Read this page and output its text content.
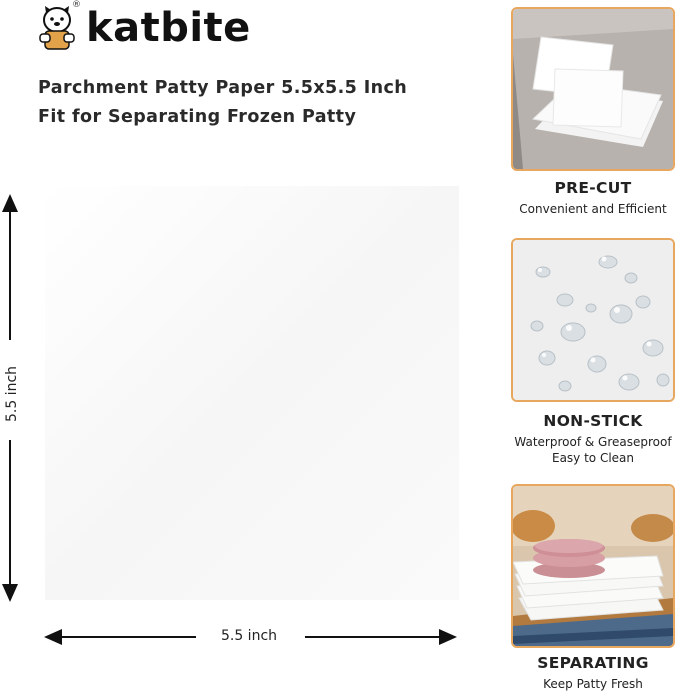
® katbite
Parchment Patty Paper 5.5x5.5 Inch
Fit for Separating Frozen Patty
5.5 inch
5.5 inch
PRE-CUT
Convenient and Efficient
NON-STICK
Waterproof & Greaseproof
Easy to Clean
SEPARATING
Keep Patty Fresh
